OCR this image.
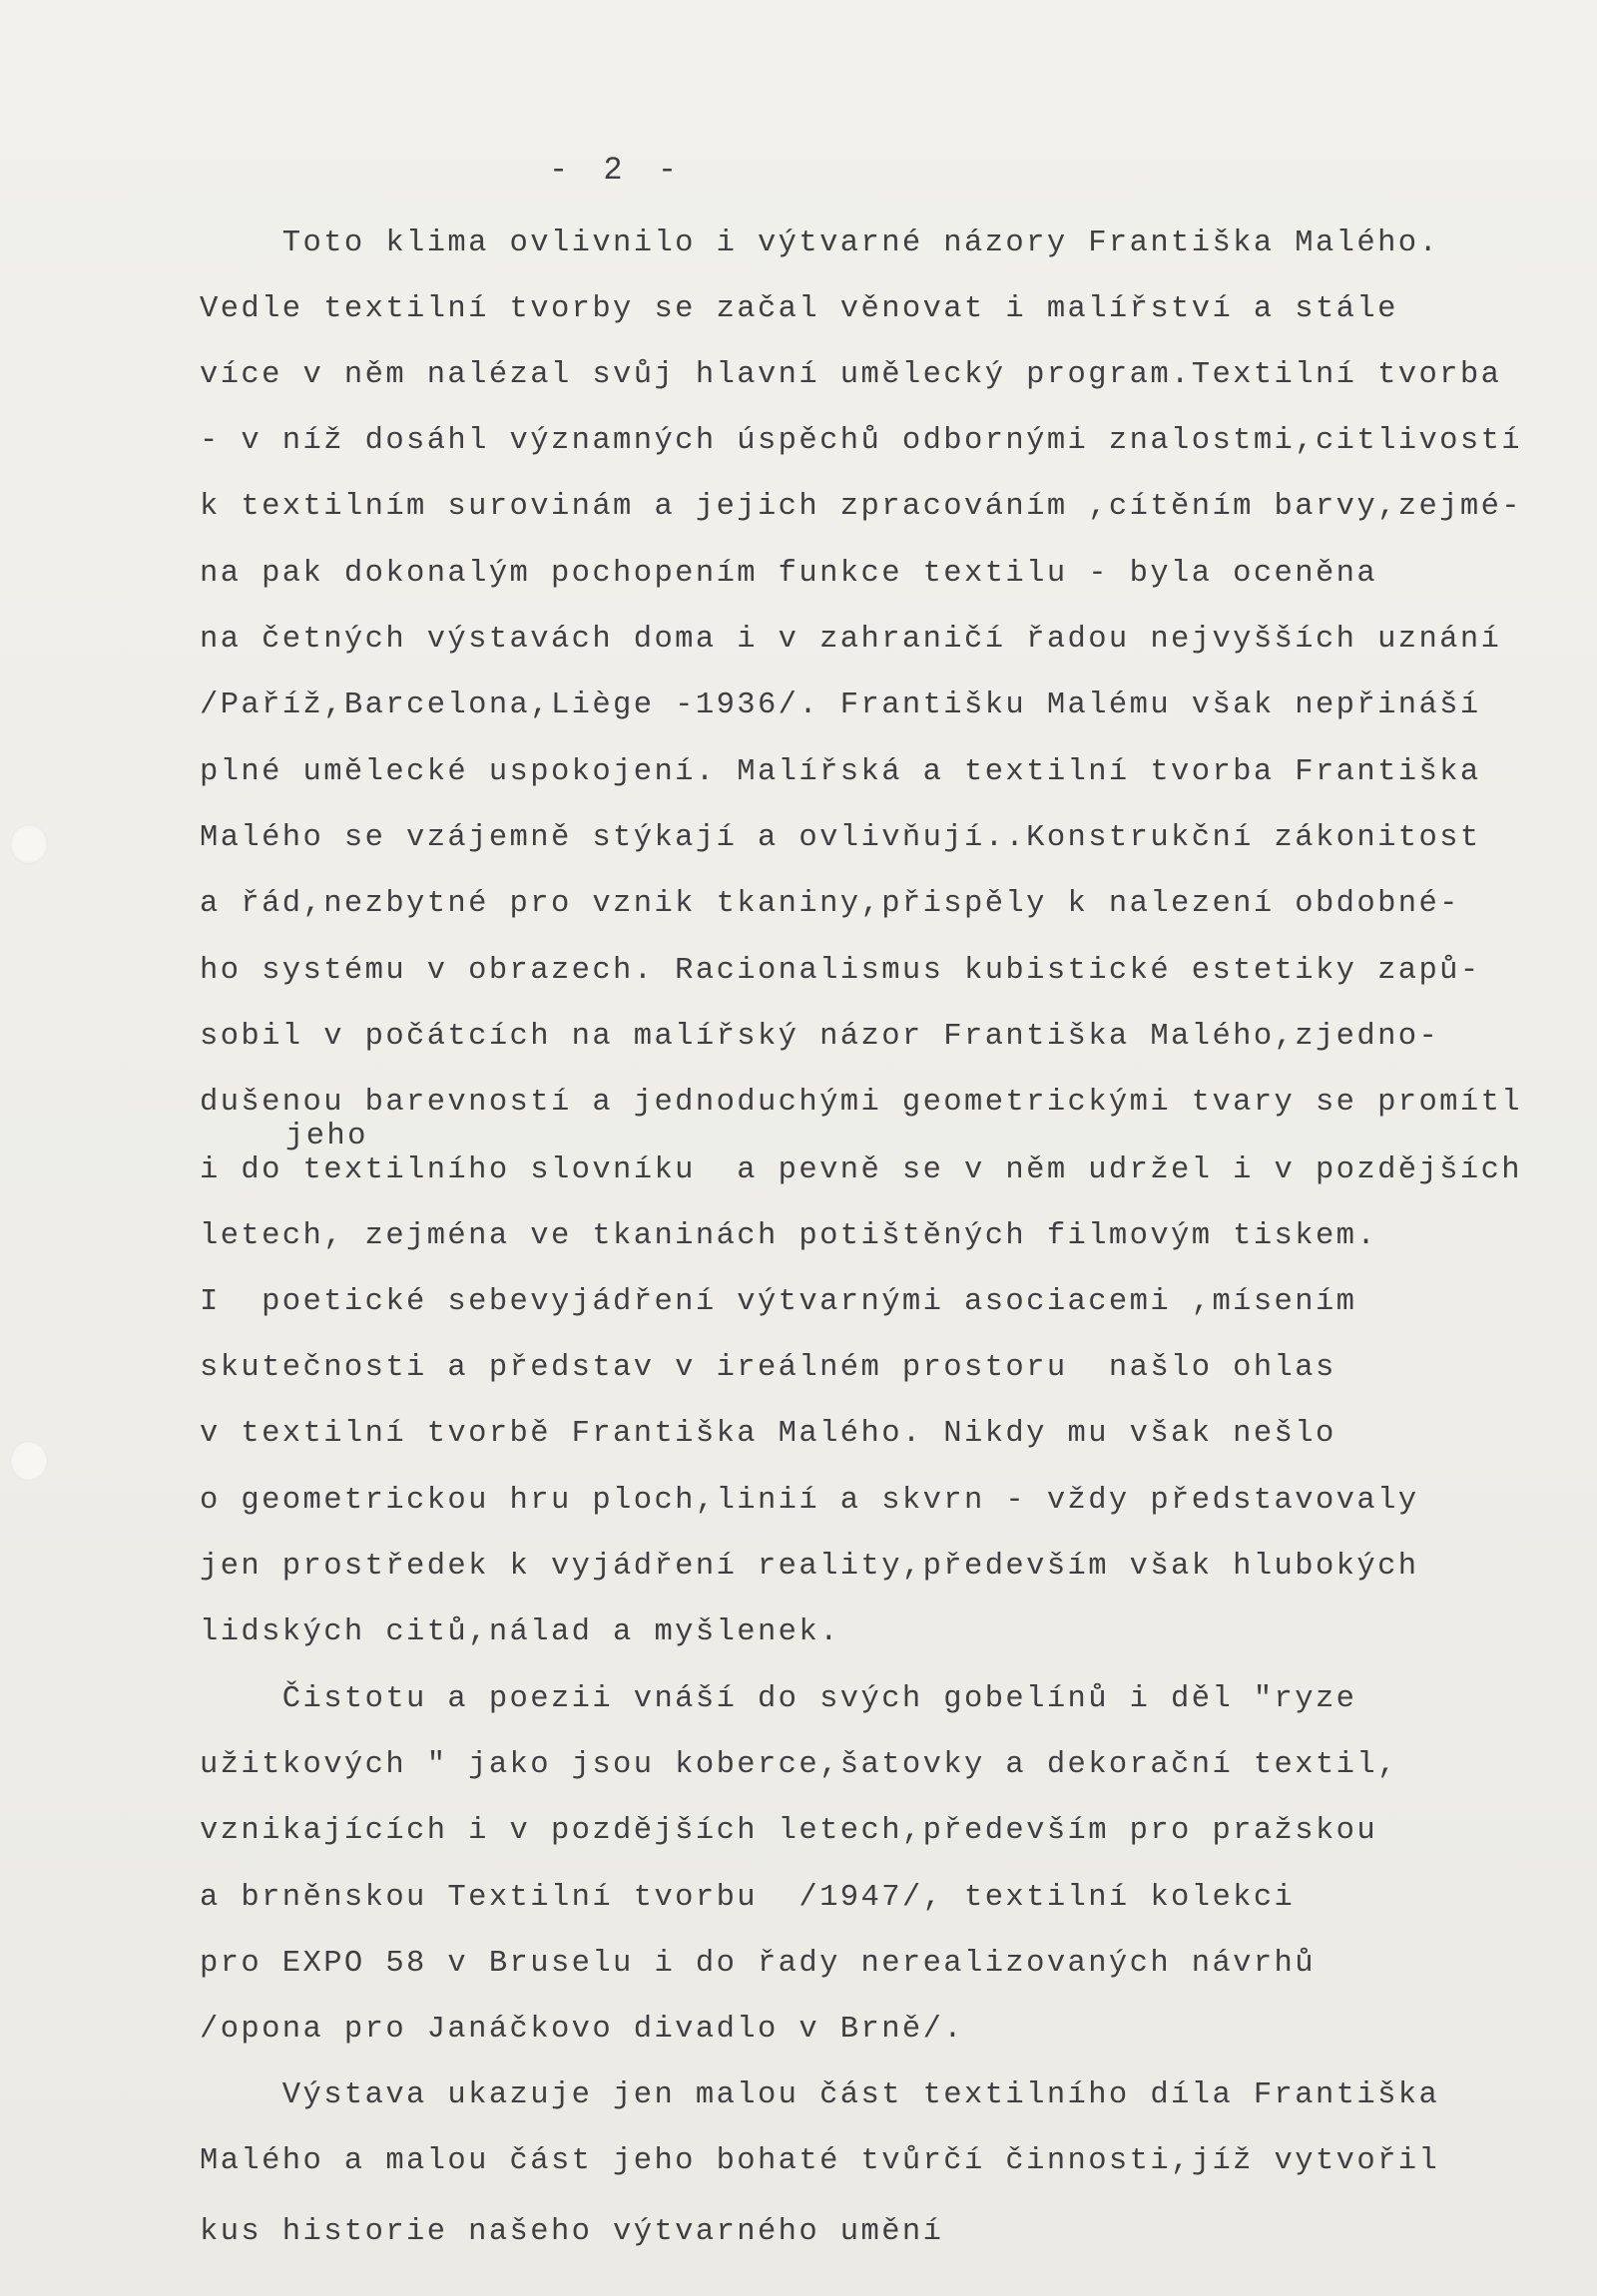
- 2 -
Toto klima ovlivnilo i výtvarné názory Františka Malého.
Vedle textilní tvorby se začal věnovat i malířství a stále
více v něm nalézal svůj hlavní umělecký program.Textilní tvorba
- v níž dosáhl významných úspěchů odbornými znalostmi,citlivostí
k textilním surovinám a jejich zpracováním ,cítěním barvy,zejmé-
na pak dokonalým pochopením funkce textilu - byla oceněna
na četných výstavách doma i v zahraničí řadou nejvyšších uznání
/Paříž,Barcelona,Liège -1936/. Františku Malému však nepřináší
plné umělecké uspokojení. Malířská a textilní tvorba Františka
Malého se vzájemně stýkají a ovlivňují..Konstrukční zákonitost
a řád,nezbytné pro vznik tkaniny,přispěly k nalezení obdobné-
ho systému v obrazech. Racionalismus kubistické estetiky zapů-
sobil v počátcích na malířský názor Františka Malého,zjedno-
dušenou barevností a jednoduchými geometrickými tvary se promítl
jeho
i do textilního slovníku  a pevně se v něm udržel i v pozdějších
letech, zejména ve tkaninách potištěných filmovým tiskem.
I  poetické sebevyjádření výtvarnými asociacemi ,mísením
skutečnosti a představ v ireálném prostoru  našlo ohlas
v textilní tvorbě Františka Malého. Nikdy mu však nešlo
o geometrickou hru ploch,linií a skvrn - vždy představovaly
jen prostředek k vyjádření reality,především však hlubokých
lidských citů,nálad a myšlenek.
Čistotu a poezii vnáší do svých gobelínů i děl "ryze
užitkových " jako jsou koberce,šatovky a dekorační textil,
vznikajících i v pozdějších letech,především pro pražskou
a brněnskou Textilní tvorbu  /1947/, textilní kolekci
pro EXPO 58 v Bruselu i do řady nerealizovaných návrhů
/opona pro Janáčkovo divadlo v Brně/.
Výstava ukazuje jen malou část textilního díla Františka
Malého a malou část jeho bohaté tvůrčí činnosti,jíž vytvořil
kus historie našeho výtvarného umění
